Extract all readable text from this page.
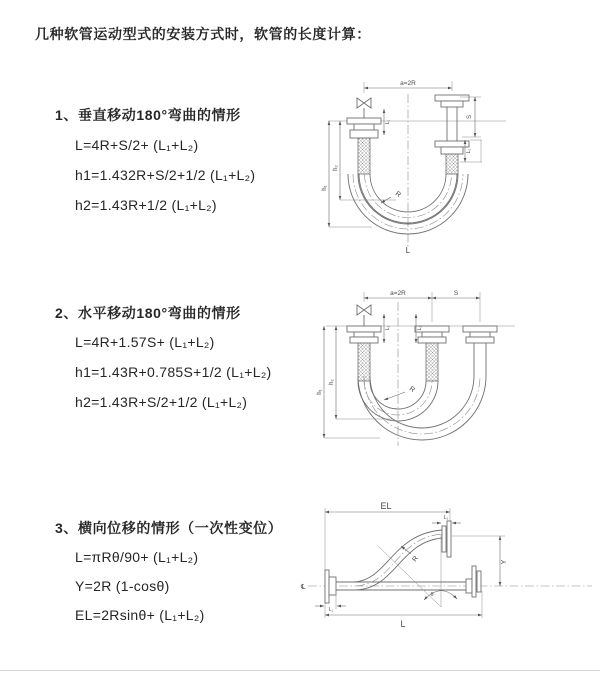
几种软管运动型式的安装方式时，软管的长度计算：
1、垂直移动180°弯曲的情形
L=4R+S/2+ (L₁+L₂)
h1=1.432R+S/2+1/2 (L₁+L₂)
h2=1.43R+1/2 (L₁+L₂)
2、水平移动180°弯曲的情形
L=4R+1.57S+ (L₁+L₂)
h1=1.43R+0.785S+1/2 (L₁+L₂)
h2=1.43R+S/2+1/2 (L₁+L₂)
3、横向位移的情形（一次性变位）
L=πRθ/90+ (L₁+L₂)
Y=2R (1-cosθ)
EL=2Rsinθ+ (L₁+L₂)
a=2R
h₁
h₂
L₁
S
L₂
R
L
a=2R	S
h₁
h₂
L₁	L₂
R
℄
EL
L₂
Y
L₁
L
θ
R
